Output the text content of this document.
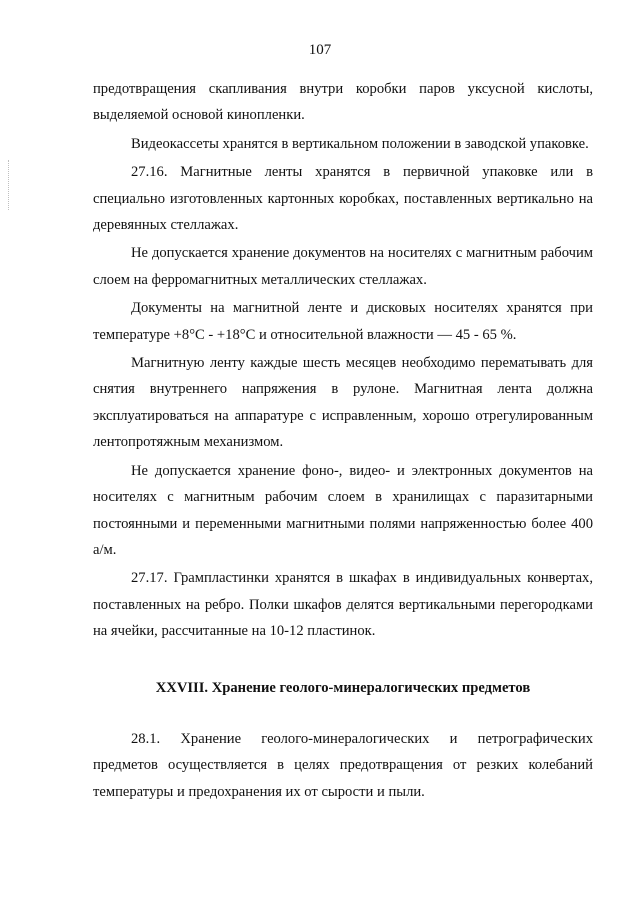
107

предотвращения скапливания внутри коробки паров уксусной кислоты, выделяемой основой кинопленки.

Видеокассеты хранятся в вертикальном положении в заводской упаковке.

27.16. Магнитные ленты хранятся в первичной упаковке или в специально изготовленных картонных коробках, поставленных вертикально на деревянных стеллажах.

Не допускается хранение документов на носителях с магнитным рабочим слоем на ферромагнитных металлических стеллажах.

Документы на магнитной ленте и дисковых носителях хранятся при температуре +8°С - +18°С и относительной влажности — 45 - 65 %.

Магнитную ленту каждые шесть месяцев необходимо перематывать для снятия внутреннего напряжения в рулоне. Магнитная лента должна эксплуатироваться на аппаратуре с исправленным, хорошо отрегулированным лентопротяжным механизмом.

Не допускается хранение фоно-, видео- и электронных документов на носителях с магнитным рабочим слоем в хранилищах с паразитарными постоянными и переменными магнитными полями напряженностью более 400 а/м.

27.17. Грампластинки хранятся в шкафах в индивидуальных конвертах, поставленных на ребро. Полки шкафов делятся вертикальными перегородками на ячейки, рассчитанные на 10-12 пластинок.

XXVIII. Хранение геолого-минералогических предметов

28.1. Хранение геолого-минералогических и петрографических предметов осуществляется в целях предотвращения от резких колебаний температуры и предохранения их от сырости и пыли.
